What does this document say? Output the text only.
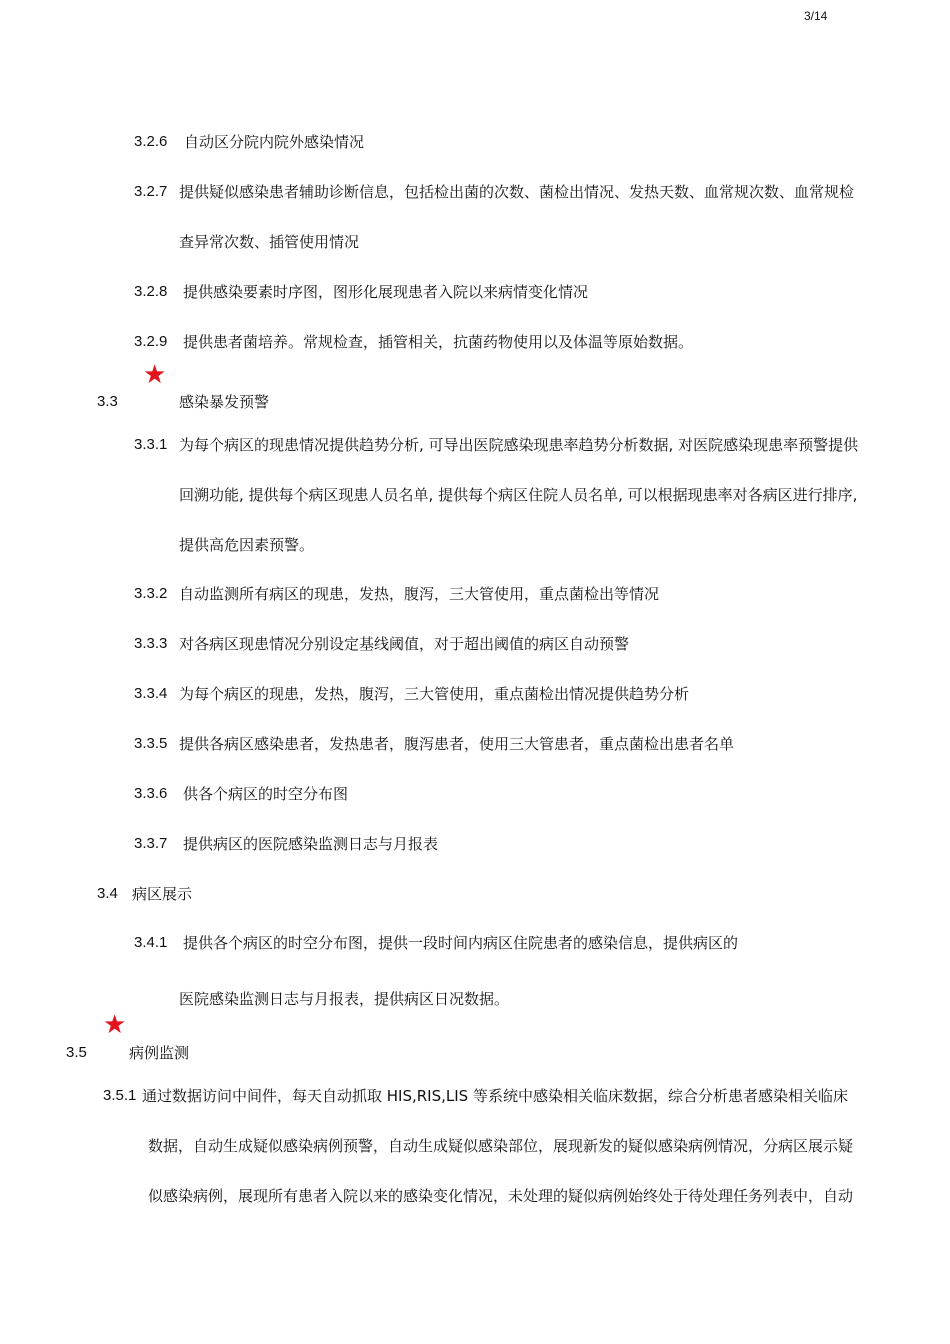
3/14
3.2.6 自动区分院内院外感染情况
3.2.7 提供疑似感染患者辅助诊断信息，包括检出菌的次数、菌检出情况、发热天数、血常规次数、血常规检
查异常次数、插管使用情况
3.2.8 提供感染要素时序图，图形化展现患者入院以来病情变化情况
3.2.9 提供患者菌培养。常规检查，插管相关，抗菌药物使用以及体温等原始数据。
★
3.3	感染暴发预警
3.3.1 为每个病区的现患情况提供趋势分析, 可导出医院感染现患率趋势分析数据, 对医院感染现患率预警提供
回溯功能, 提供每个病区现患人员名单, 提供每个病区住院人员名单, 可以根据现患率对各病区进行排序,
提供高危因素预警。
3.3.2 自动监测所有病区的现患，发热，腹泻，三大管使用，重点菌检出等情况
3.3.3 对各病区现患情况分别设定基线阈值，对于超出阈值的病区自动预警
3.3.4 为每个病区的现患，发热，腹泻，三大管使用，重点菌检出情况提供趋势分析
3.3.5 提供各病区感染患者，发热患者，腹泻患者，使用三大管患者，重点菌检出患者名单
3.3.6 供各个病区的时空分布图
3.3.7 提供病区的医院感染监测日志与月报表
3.4 病区展示
3.4.1 提供各个病区的时空分布图，提供一段时间内病区住院患者的感染信息，提供病区的
医院感染监测日志与月报表，提供病区日况数据。
★
3.5	病例监测
3.5.1 通过数据访问中间件，每天自动抓取 HIS,RIS,LIS 等系统中感染相关临床数据，综合分析患者感染相关临床
数据，自动生成疑似感染病例预警，自动生成疑似感染部位，展现新发的疑似感染病例情况，分病区展示疑
似感染病例，展现所有患者入院以来的感染变化情况，未处理的疑似病例始终处于待处理任务列表中，自动
